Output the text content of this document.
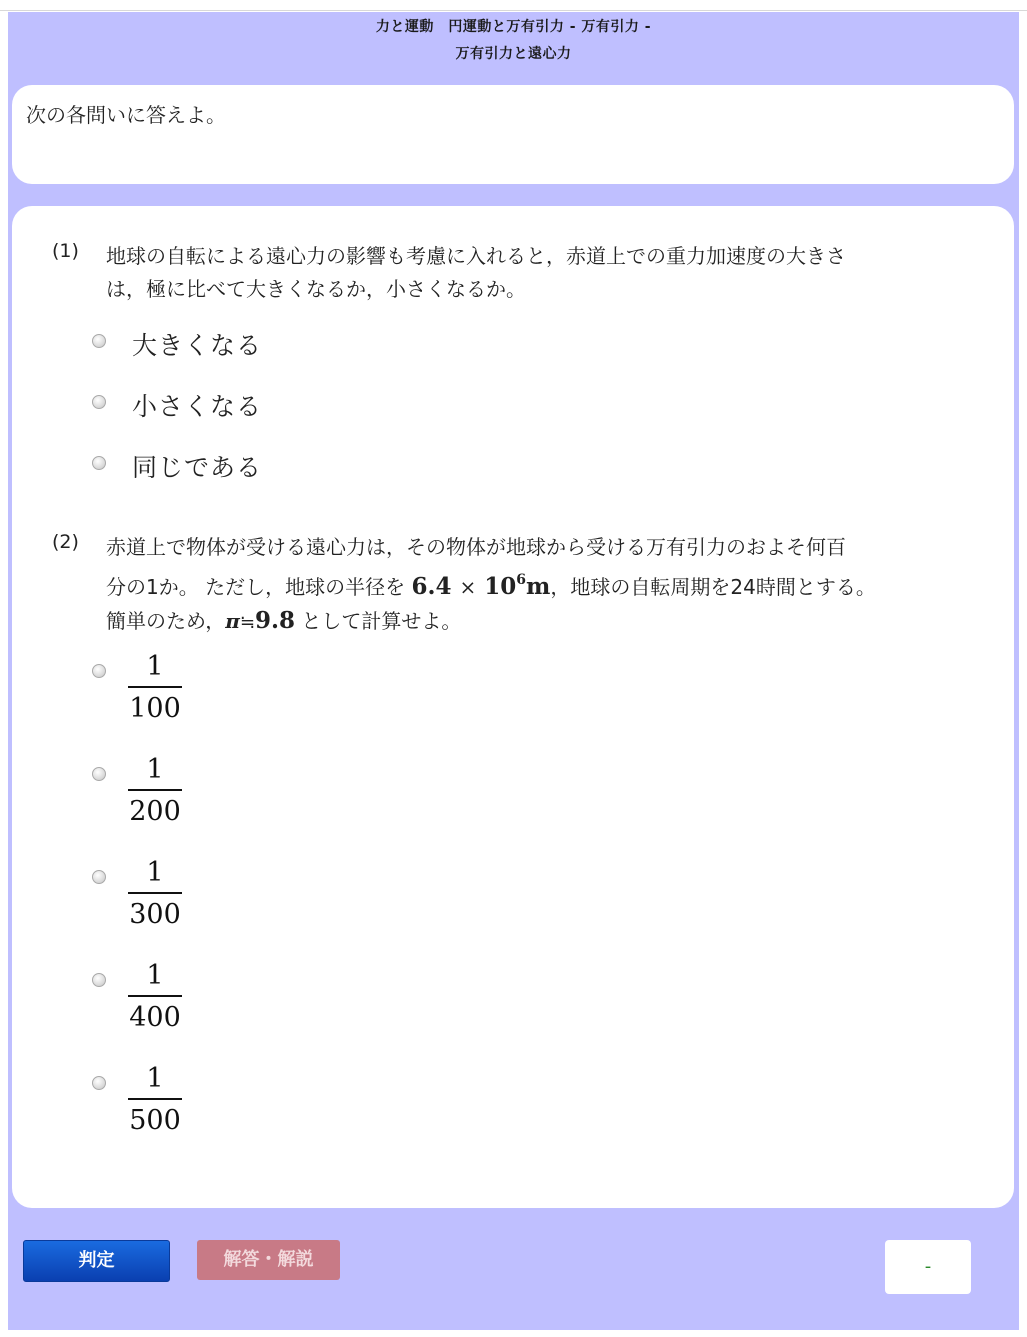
力と運動　円運動と万有引力 - 万有引力 -
万有引力と遠心力
次の各問いに答えよ。
(1) 地球の自転による遠心力の影響も考慮に入れると，赤道上での重力加速度の大きさ
は，極に比べて大きくなるか，小さくなるか。
大きくなる
小さくなる
同じである
(2) 赤道上で物体が受ける遠心力は，その物体が地球から受ける万有引力のおよそ何百
分の1か。 ただし，地球の半径を $6.4 \times 10^6m$，地球の自転周期を24時間とする。
簡単のため，π≒9.8 として計算せよ。
1
100
1
200
1
300
1
400
1
500
判定	解答・解説	-
